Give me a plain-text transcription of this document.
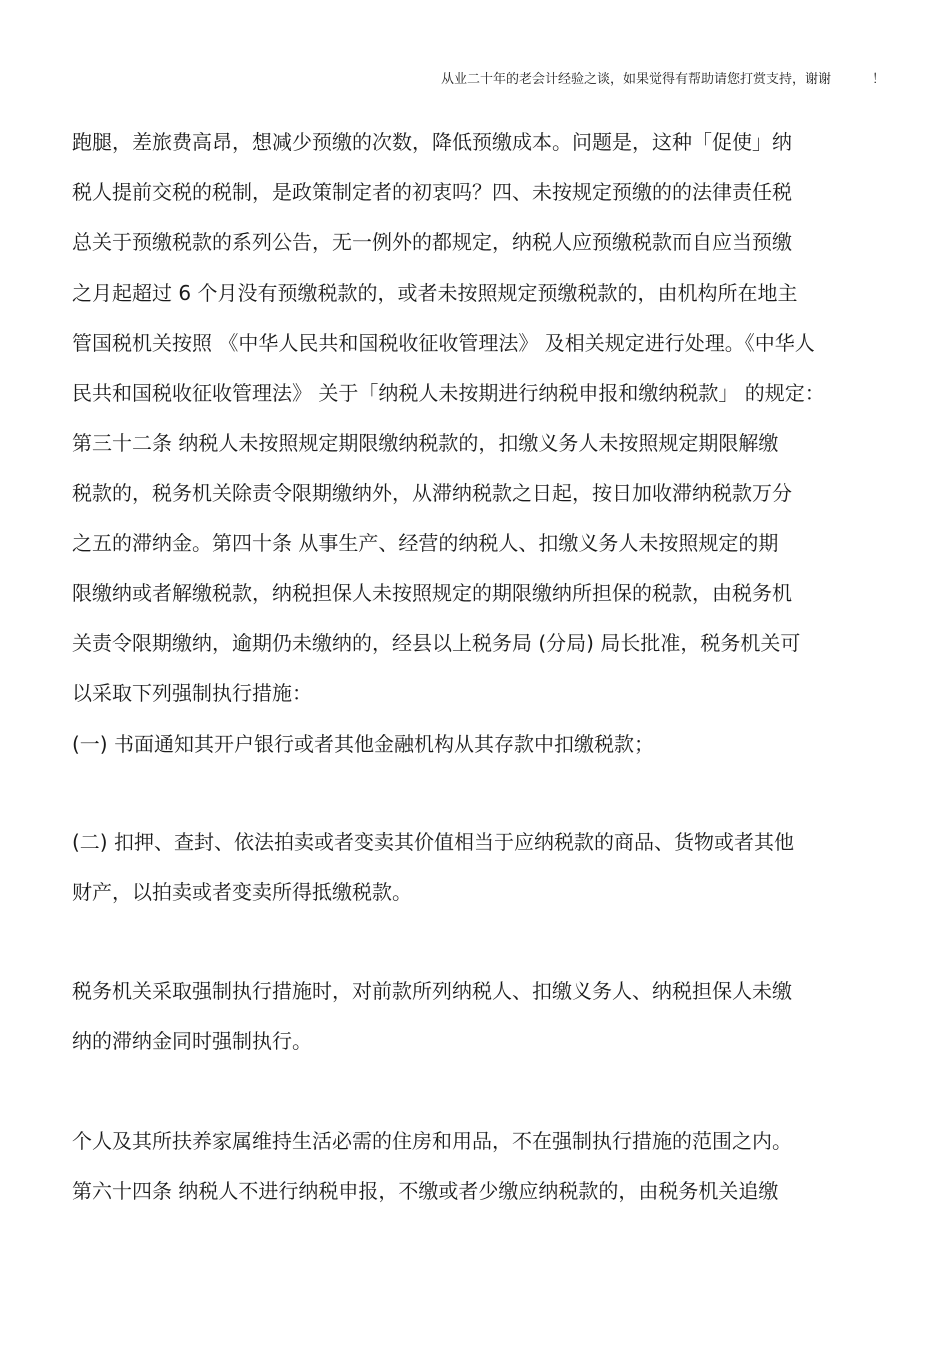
从业二十年的老会计经验之谈，如果觉得有帮助请您打赏支持，谢谢	！
跑腿，差旅费高昂，想减少预缴的次数，降低预缴成本。问题是，这种「促使」纳
税人提前交税的税制，是政策制定者的初衷吗？四、未按规定预缴的的法律责任税
总关于预缴税款的系列公告，无一例外的都规定，纳税人应预缴税款而自应当预缴
之月起超过 6 个月没有预缴税款的，或者未按照规定预缴税款的，由机构所在地主
管国税机关按照 《中华人民共和国税收征收管理法》 及相关规定进行处理。《中华人
民共和国税收征收管理法》 关于「纳税人未按期进行纳税申报和缴纳税款」 的规定：
第三十二条 纳税人未按照规定期限缴纳税款的，扣缴义务人未按照规定期限解缴
税款的，税务机关除责令限期缴纳外，从滞纳税款之日起，按日加收滞纳税款万分
之五的滞纳金。第四十条 从事生产、经营的纳税人、扣缴义务人未按照规定的期
限缴纳或者解缴税款，纳税担保人未按照规定的期限缴纳所担保的税款，由税务机
关责令限期缴纳，逾期仍未缴纳的，经县以上税务局 (分局) 局长批准，税务机关可
以采取下列强制执行措施：
(一) 书面通知其开户银行或者其他金融机构从其存款中扣缴税款；
(二) 扣押、查封、依法拍卖或者变卖其价值相当于应纳税款的商品、货物或者其他
财产，以拍卖或者变卖所得抵缴税款。
税务机关采取强制执行措施时，对前款所列纳税人、扣缴义务人、纳税担保人未缴
纳的滞纳金同时强制执行。
个人及其所扶养家属维持生活必需的住房和用品，不在强制执行措施的范围之内。
第六十四条 纳税人不进行纳税申报，不缴或者少缴应纳税款的，由税务机关追缴
